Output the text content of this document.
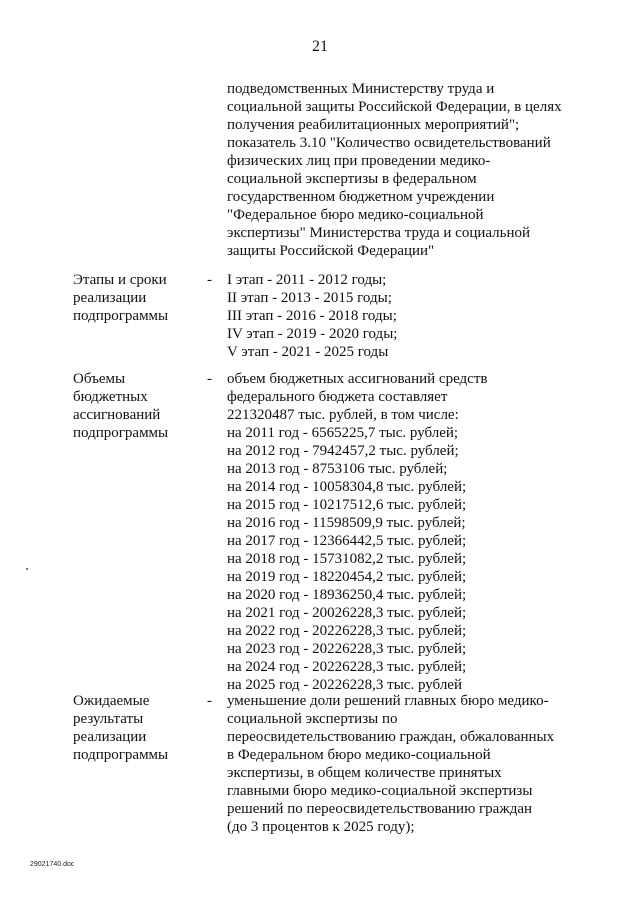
21
подведомственных Министерству труда и
социальной защиты Российской Федерации, в целях
получения реабилитационных мероприятий";
показатель 3.10 "Количество освидетельствований
физических лиц при проведении медико-
социальной экспертизы в федеральном
государственном бюджетном учреждении
"Федеральное бюро медико-социальной
экспертизы" Министерства труда и социальной
защиты Российской Федерации"
Этапы и сроки
реализации
подпрограммы
- I этап - 2011 - 2012 годы;
II этап - 2013 - 2015 годы;
III этап - 2016 - 2018 годы;
IV этап - 2019 - 2020 годы;
V этап - 2021 - 2025 годы
Объемы
бюджетных
ассигнований
подпрограммы
- объем бюджетных ассигнований средств
федерального бюджета составляет
221320487 тыс. рублей, в том числе:
на 2011 год - 6565225,7 тыс. рублей;
на 2012 год - 7942457,2 тыс. рублей;
на 2013 год - 8753106 тыс. рублей;
на 2014 год - 10058304,8 тыс. рублей;
на 2015 год - 10217512,6 тыс. рублей;
на 2016 год - 11598509,9 тыс. рублей;
на 2017 год - 12366442,5 тыс. рублей;
на 2018 год - 15731082,2 тыс. рублей;
на 2019 год - 18220454,2 тыс. рублей;
на 2020 год - 18936250,4 тыс. рублей;
на 2021 год - 20026228,3 тыс. рублей;
на 2022 год - 20226228,3 тыс. рублей;
на 2023 год - 20226228,3 тыс. рублей;
на 2024 год - 20226228,3 тыс. рублей;
на 2025 год - 20226228,3 тыс. рублей
Ожидаемые
результаты
реализации
подпрограммы
- уменьшение доли решений главных бюро медико-
социальной экспертизы по
переосвидетельствованию граждан, обжалованных
в Федеральном бюро медико-социальной
экспертизы, в общем количестве принятых
главными бюро медико-социальной экспертизы
решений по переосвидетельствованию граждан
(до 3 процентов к 2025 году);
29021740.doc
